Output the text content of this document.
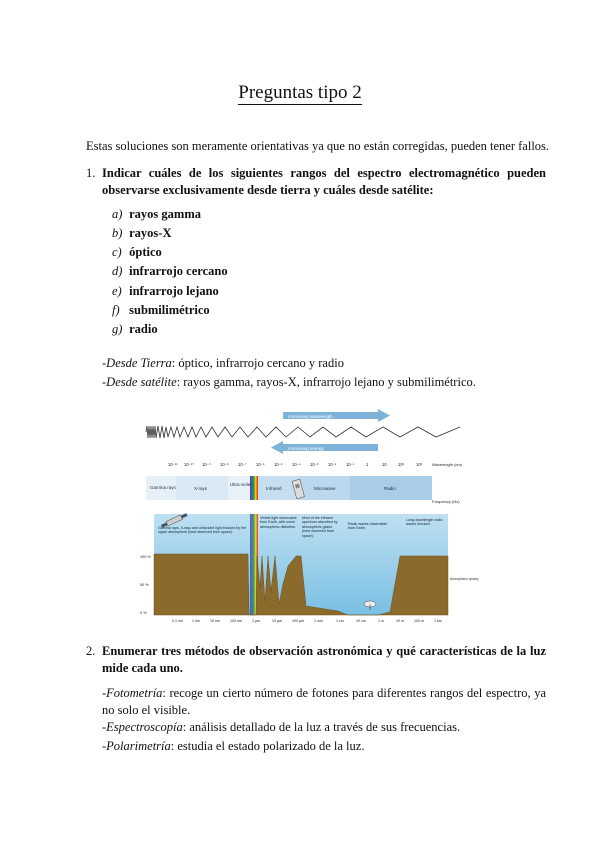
Preguntas tipo 2
Estas soluciones son meramente orientativas ya que no están corregidas, pueden tener fallos.
1. Indicar cuáles de los siguientes rangos del espectro electromagnético pueden observarse exclusivamente desde tierra y cuáles desde satélite:
a) rayos gamma
b) rayos-X
c) óptico
d) infrarrojo cercano
e) infrarrojo lejano
f) submilimétrico
g) radio
-Desde Tierra: óptico, infrarrojo cercano y radio
-Desde satélite: rayos gamma, rayos-X, infrarrojo lejano y submilimétrico.
Increasing wavelength
Increasing energy
10⁻¹¹ 10⁻¹⁰ 10⁻⁹ 10⁻⁸ 10⁻⁷ 10⁻⁶ 10⁻⁵ 10⁻⁴ 10⁻³ 10⁻² 10⁻¹	1	10	10²	10³ Wavelength (cm)
Gamma rays	X-rays
Ultra-violet
Infrared	Microwave	Radio
Frequency (Hz)
Gamma rays, X-rays and ultraviolet light blocked by the upper atmosphere (best observed from space).
Visible light observable from Earth, with some atmospheric distortion.
Most of the infrared spectrum absorbed by atmospheric gases (best observed from space).
Radio waves observable from Earth.
Long-wavelength radio waves blocked.
Atmospheric opacity
100 %
50 %
0 %
0.1 nm	1 nm	10 nm	100 nm	1 µm	10 µm	100 µm	1 mm	1 cm	10 cm	1 m	10 m	100 m	1 km
2. Enumerar tres métodos de observación astronómica y qué características de la luz mide cada uno.
-Fotometría: recoge un cierto número de fotones para diferentes rangos del espectro, ya no solo el visible.
-Espectroscopía: análisis detallado de la luz a través de sus frecuencias.
-Polarimetría: estudia el estado polarizado de la luz.
